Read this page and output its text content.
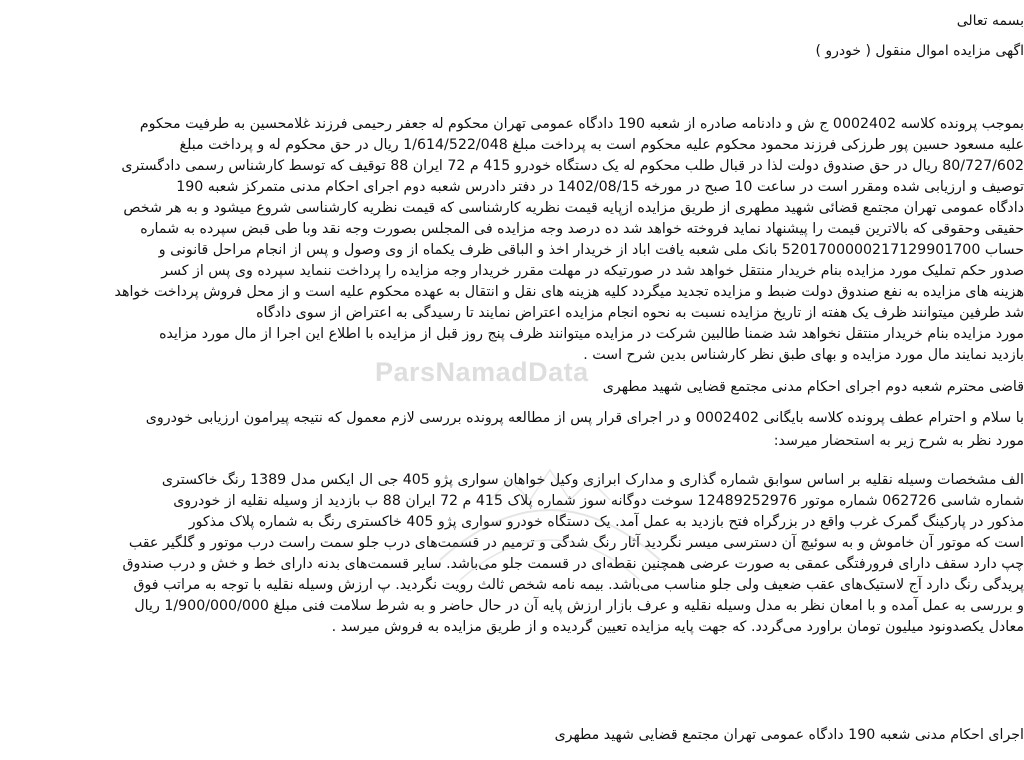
بسمه تعالی

اگهی مزایده اموال منقول ( خودرو )

بموجب پرونده کلاسه 0002402 ج ش و دادنامه صادره از شعبه 190 دادگاه عمومی تهران محکوم له جعفر رحیمی فرزند غلامحسین به طرفیت محکوم

علیه مسعود حسین پور طرزکی فرزند محمود محکوم علیه محکوم است به پرداخت مبلغ 1/614/522/048 ریال در حق محکوم له و پرداخت مبلغ

80/727/602 ریال در حق صندوق دولت لذا در قبال طلب محکوم له یک دستگاه خودرو 415 م 72 ایران 88 توقیف که توسط کارشناس رسمی دادگستری

توصیف و ارزیابی شده ومقرر است در ساعت 10 صبح در مورخه 1402/08/15 در دفتر دادرس شعبه دوم اجرای احکام مدنی متمرکز شعبه 190

دادگاه عمومی تهران مجتمع قضائی شهید مطهری از طریق مزایده ازپایه قیمت نظریه کارشناسی که قیمت نظریه کارشناسی شروع میشود و به هر شخص

حقیقی وحقوقی که بالاترین قیمت را پیشنهاد نماید فروخته خواهد شد ده درصد وجه مزایده فی المجلس بصورت وجه نقد وبا طی قبض سپرده به شماره

حساب 5201700000217129901700 بانک ملی شعبه یافت اباد از خریدار اخذ و الباقی ظرف یکماه از وی وصول و پس از انجام مراحل قانونی و

صدور حکم تملیک مورد مزایده بنام خریدار منتقل خواهد شد در صورتیکه در مهلت مقرر خریدار وجه مزایده را پرداخت ننماید سپرده وی پس از کسر

هزینه های مزایده به نفع صندوق دولت ضبط و مزایده تجدید میگردد کلیه هزینه های نقل و انتقال به عهده محکوم علیه است و از محل فروش پرداخت خواهد

شد طرفین میتوانند ظرف یک هفته از تاریخ مزایده نسبت به نحوه انجام مزایده اعتراض نمایند تا رسیدگی به اعتراض از سوی دادگاه

مورد مزایده بنام خریدار منتقل نخواهد شد ضمنا طالبین شرکت در مزایده میتوانند ظرف پنج روز قبل از مزایده با اطلاع این اجرا از مال مورد مزایده

بازدید نمایند مال مورد مزایده و بهای طبق نظر کارشناس بدین شرح است .

قاضی محترم شعبه دوم اجرای احکام مدنی مجتمع قضایی شهید مطهری

با سلام و احترام عطف پرونده کلاسه بایگانی 0002402 و در اجرای قرار پس از مطالعه پرونده بررسی لازم معمول که نتیجه پیرامون ارزیابی خودروی

مورد نظر به شرح زیر به استحضار میرسد:

الف مشخصات وسیله نقلیه بر اساس سوابق شماره گذاری و مدارک ابرازی وکیل خواهان سواری پژو 405 جی ال ایکس مدل 1389 رنگ خاکستری

شماره شاسی 062726 شماره موتور 12489252976 سوخت دوگانه سوز شماره پلاک 415 م 72 ایران 88 ب بازدید از وسیله نقلیه از خودروی

مذکور در پارکینگ گمرک غرب واقع در بزرگراه فتح بازدید به عمل آمد. یک دستگاه خودرو سواری پژو 405 خاکستری رنگ به شماره پلاک مذکور

است که موتور آن خاموش و به سوئیچ آن دسترسی میسر نگردید آثار رنگ شدگی و ترمیم در قسمت‌های درب جلو سمت راست درب موتور و گلگیر عقب

چپ دارد سقف دارای فرورفتگی عمقی به صورت عرضی همچنین نقطه‌ای در قسمت جلو می‌باشد. سایر قسمت‌های بدنه دارای خط و خش و درب صندوق

پریدگی رنگ دارد آج لاستیک‌های عقب ضعیف ولی جلو مناسب می‌باشد. بیمه نامه شخص ثالث رویت نگردید. پ ارزش وسیله نقلیه با توجه به مراتب فوق

و بررسی به عمل آمده و با امعان نظر به مدل وسیله نقلیه و عرف بازار ارزش پایه آن در حال حاضر و به شرط سلامت فنی مبلغ 1/900/000/000 ریال

معادل یکصدونود میلیون تومان براورد می‌گردد. که جهت پایه مزایده تعیین گردیده و از طریق مزایده به فروش میرسد .

اجرای احکام مدنی شعبه 190 دادگاه عمومی تهران مجتمع قضایی شهید مطهری

ParsNamadData
